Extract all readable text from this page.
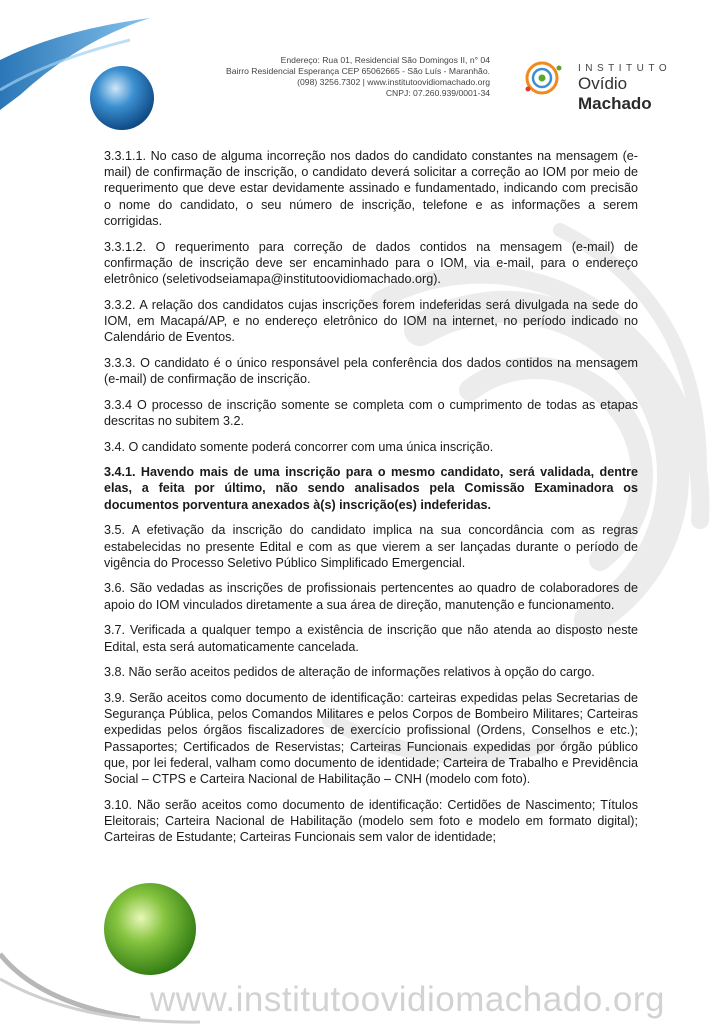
Endereço: Rua 01, Residencial São Domingos II, n° 04
Bairro Residencial Esperança CEP 65062665 - São Luís - Maranhão.
(098) 3256.7302 | www.institutoovidiomachado.org
CNPJ: 07.260.939/0001-34
INSTITUTO
Ovídio Machado

3.3.1.1. No caso de alguma incorreção nos dados do candidato constantes na mensagem (e-mail) de confirmação de inscrição, o candidato deverá solicitar a correção ao IOM por meio de requerimento que deve estar devidamente assinado e fundamentado, indicando com precisão o nome do candidato, o seu número de inscrição, telefone e as informações a serem corrigidas.

3.3.1.2. O requerimento para correção de dados contidos na mensagem (e-mail) de confirmação de inscrição deve ser encaminhado para o IOM, via e-mail, para o endereço eletrônico (seletivodseiamapa@institutoovidiomachado.org).

3.3.2. A relação dos candidatos cujas inscrições forem indeferidas será divulgada na sede do IOM, em Macapá/AP, e no endereço eletrônico do IOM na internet, no período indicado no Calendário de Eventos.

3.3.3. O candidato é o único responsável pela conferência dos dados contidos na mensagem (e-mail) de confirmação de inscrição.

3.3.4 O processo de inscrição somente se completa com o cumprimento de todas as etapas descritas no subitem 3.2.

3.4. O candidato somente poderá concorrer com uma única inscrição.

3.4.1. Havendo mais de uma inscrição para o mesmo candidato, será validada, dentre elas, a feita por último, não sendo analisados pela Comissão Examinadora os documentos porventura anexados à(s) inscrição(es) indeferidas.

3.5. A efetivação da inscrição do candidato implica na sua concordância com as regras estabelecidas no presente Edital e com as que vierem a ser lançadas durante o período de vigência do Processo Seletivo Público Simplificado Emergencial.

3.6. São vedadas as inscrições de profissionais pertencentes ao quadro de colaboradores de apoio do IOM vinculados diretamente a sua área de direção, manutenção e funcionamento.

3.7. Verificada a qualquer tempo a existência de inscrição que não atenda ao disposto neste Edital, esta será automaticamente cancelada.

3.8. Não serão aceitos pedidos de alteração de informações relativos à opção do cargo.

3.9. Serão aceitos como documento de identificação: carteiras expedidas pelas Secretarias de Segurança Pública, pelos Comandos Militares e pelos Corpos de Bombeiro Militares; Carteiras expedidas pelos órgãos fiscalizadores de exercício profissional (Ordens, Conselhos e etc.); Passaportes; Certificados de Reservistas; Carteiras Funcionais expedidas por órgão público que, por lei federal, valham como documento de identidade; Carteira de Trabalho e Previdência Social – CTPS e Carteira Nacional de Habilitação – CNH (modelo com foto).

3.10. Não serão aceitos como documento de identificação: Certidões de Nascimento; Títulos Eleitorais; Carteira Nacional de Habilitação (modelo sem foto e modelo em formato digital); Carteiras de Estudante; Carteiras Funcionais sem valor de identidade;

www.institutoovidiomachado.org
